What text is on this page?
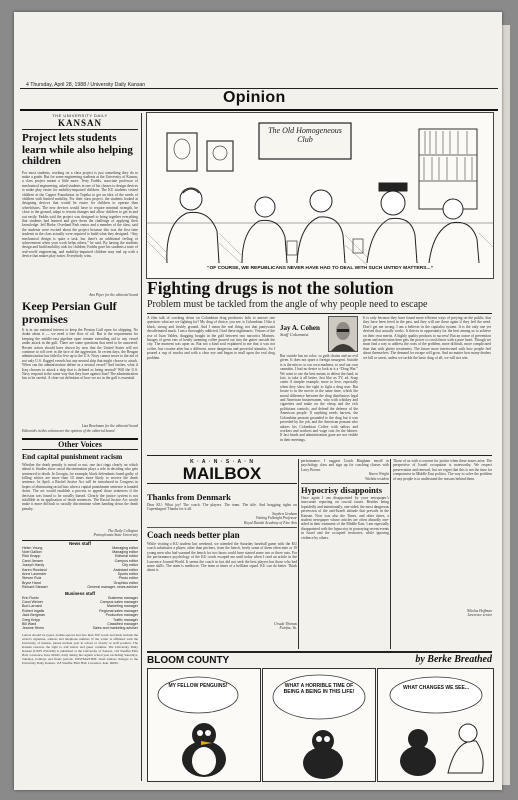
4 Thursday, April 28, 1988 / University Daily Kansan
Opinion
THE UNIVERSITY DAILY
KANSAN
Project lets students learn while also helping children

For most students, working on a class project is just something they do to make a grade. But for some engineering students at the University of Kansas, a class project meant a little more. Terry Faddis, associate professor of mechanical engineering, asked students in one of his classes to design devices to make play easier for mobility-impaired children. The KU students visited children at the Capper Foundation in Topeka to get an idea of the needs of children with limited mobility. For their class project, the students looked at designing devices that would be easier for children to operate than wheelchairs. The new devices would have to require minimal strength, be close to the ground, adapt to terrain changes and allow children to get in and out easily. Faddis said the project was designed to bring together everything that students had learned and give them the challenge of applying their knowledge. Jeff Rieke, Overland Park senior and a member of the class, said the students were excited about the project because this was the first time students in the class actually were required to build what they designed. “Any mechanical design is quite a task, but there's an additional feeling of achievement when your work helps others,” he said. By having the students design and build mobility aids for children, Faddis gave his students a taste of real-world engineering, and mobility-impaired children may end up with a device that makes play easier. Everybody wins.

Ann Piper for the editorial board
Keep Persian Gulf promises

It is in our national interest to keep the Persian Gulf open for shipping. No doubt about it — we need a free flow of oil. But is the requirement for keeping the middle-east pipeline open remain extending aid to any vessel under attack in the gulf. There are some questions that need to be answered. Recent action should have shown by now that the United States will not continue to roll over in the face of the aggression. In recent days, the Reagan administration has failed to live up to the U.S. Navy cannot move to the aid of not only U.S. flagged vessels but any neutral ship that might choose to attack. When can the administration define as a neutral vessel? And further, what if Iraq chooses to attack a ship that is defined as being neutral? Will the U.S. Navy respond in the same way that they have against Iran? The administration has to be careful. A clear-cut definition of how we act in the gulf is essential.

Lisa Brackman for the editorial board
Editorials in this column are the opinion of the editorial board.
Other Voices
End capital punishment racism

Whether the death penalty is moral or not, one fact rings clearly on which ahead it. Studies show racial discrimination plays a role in deciding who gets sentenced to death. In Georgia, for example, black defendants found guilty of killing whites are more than 10 times more likely to receive the death sentence. In April, a Rachel Justice Act will be introduced in Congress in hopes of eliminating racial bias when a capital punishment sentence is handed down. The act would establish a process to appeal those sentences if the decision was found to be racially biased. Clearly the justice system is not infallible in its application of death sentences. The Racial Justice Act would make it more difficult to racially discriminate when handing down the death penalty.

The Daily Collegian
Pennsylvania State University
News staff
Helen Young	Managing editor
Noel Gallion	Managing editor
Rick Knapp	Editorial editor
Carol Jensen	Campus editor
Joseph Hardy	City editor
Karen Rowland	Assistant editor
Anne Lavender	Sports editor
Steven Ruiz	Photo editor
Bryce Hand	Graphics editor
Richard Stewart	General manager, news adviser
Business staff
Erin Ruetz	Business manager
Carol Weiner	Campus sales manager
Bud Larnard	Marketing manager
Robert Ingalls	Regional sales manager
Jack Bergman	Production manager
Greg Knipp	Traffic manager
Bill Ward	Classified manager
Jeanne Hines	Sales and marketing adviser

Letters should be typed, double-spaced and less than 300 words and must include the writer's signature, address and telephone number. If the writer is affiliated with the University of Kansas, please include year in school or faculty or staff position. The Kansan reserves the right to edit letters and guest columns. The University Daily Kansan (USPS 650-640) is published at the University of Kansas, 118 Stauffer-Flint Hall, Lawrence, Kan. 66045, daily during the regular school year excluding Saturdays, Sundays, holidays and finals periods. POSTMASTER: Send address changes to the University Daily Kansan, 118 Stauffer-Flint Hall, Lawrence, Kan. 66045.

The Old Homogeneous Club
“OF COURSE, WE REPUBLICANS NEVER HAVE HAD TO DEAL WITH SUCH UNTIDY MATTERS...”
Fighting drugs is not the solution
Problem must be tackled from the angle of why people need to escape

A film talk of cracking down on Colombian drug producers fails to answer one question: what are we fighting for? My drug of choice, you see, is Columbian. I like it black, strong and freshly ground. And I mean the real thing, not that pantywaist decaffeinated muck. I am a thoroughly addicted. I had these nightmares. Visions of the rise of Juan Valdez, dragging bought in the gulf between two narcotics Marines. Images of great vats of heady steaming coffee poured out into the gutter outside the city. The moment was upon us. But not a kind soul explained to me that it was not coffee, but cocaine after but a different, more dangerous and powerful stimulus. So I poured a cup of mocha and with a clear eye and began to mull upon the real drug problem.

Jay A. Cohen
Staff Columnist

But suicide has no color, so guilt chains and no evil given. It does not spare a foreign insurgent. Suicide is is the mirror. to our own madness. to seal our own cannabis. I had no desire to look at it a “Drug War.” We want to use the best means to defeat the fund, in fact, to take it all better. Just like us TV, ad. Soap cutter A simpler example, more to love, especially when they show the right to fight a drug user. But booze is in the movie at the same time, which the moral difference between the drug distributors legal and American businessmen, who with whiskey and cigarettes and make on the cheap and the rich politicians controls, and defend the defense of the American people. If anything needs harvest, the Colombian peasant grounded to the drug but it was preceded by the job, and the American peasant who adores his Colombian Coffee with sailors and workers and workers and wage cuts for the laborer. If last heads and administration gone are not visible in their meetings.

It is only because they have found more efficient ways of preying on the public, that they have been freed in the past, and they will use those again if they feel the need. Don’t get me wrong, I am a believer in the capitalist system. It is the only one yet devised that actually works. It thrives in opportunity for the best among us to achieve on their own merits. A highly quality products to success! But an ounce of prevention given and motivation here gets the power to crush those with a pure heart. Though we must find a way to address the roots of the problem, more difficult, more complicated than that with ghetto treatments. The future more intertwined with how people feel about themselves. The demand for escape will grow. And no matter how many dealers we kill or arrest, unless we tackle the basic drug of all, we will not win.

K · A · N · S · A · N
MAILBOX
Thanks from Denmark

Dear KU: What joy! The coach. The players. The team. The title. And bragging rights on Copenhagen! Thanks for it all.

Stephen Graham
Visiting Fulbright Professor
Royal Danish Academy of Fine Arts
Coach needs better plan

While visiting a KU student last weekend, we attended the Saturday baseball game with the KU coach substitutes a player, other than pitchers, from the bench, freely some of them often nine or 10 young men who had warmed the bench for two hours could have started some two or three outs. For the performance psychology of the KU coach escaped me until today when I read an article in the Lawrence Journal-World. It seems the coach in fact did not seek the best players but those who had some skills. The team is mediocre. The team at times of a brilliant squad. KU can do better. Think about it.

Ursula Thomas
Fairfax, Va.

performance. I suggest Coach Bingham enroll in psychology class and sign up for coaching classes with Larry Brown.

Karen Wright
Wichita resident
Hypocrisy disappoints

Once again I am disappointed by your newspaper’s inaccurate reporting on crucial issues. Besides being lopsidedly and intentionally, one-sided, the most dangerous perversion of the anti-Israeli attitude that prevails in the Kansan. Now was also the Times, and other times, a student newspaper whose articles are often absurdly one-sided in their treatment of the Middle East. I am especially disappointed with the hypocrisy in portraying recent events in Israel and the occupied territories, while ignoring violence by others.

Those of us with a concern for justice when these issues arise. The perspective of Israeli occupation is noteworthy. We respect preservation and renewal, but we regret that this is not the time for compromise in Middle East politics. The way to solve the problem of any people is to understand the reasons behind them.

Nikolas Hoffman
Lawrence senior
BLOOM COUNTY	by Berke Breathed
MY FELLOW PENGUINS!	WHAT A HORRIBLE TIME OF BEING A BEING IN THIS LIFE!
WHAT CHANGES WE SEE...
